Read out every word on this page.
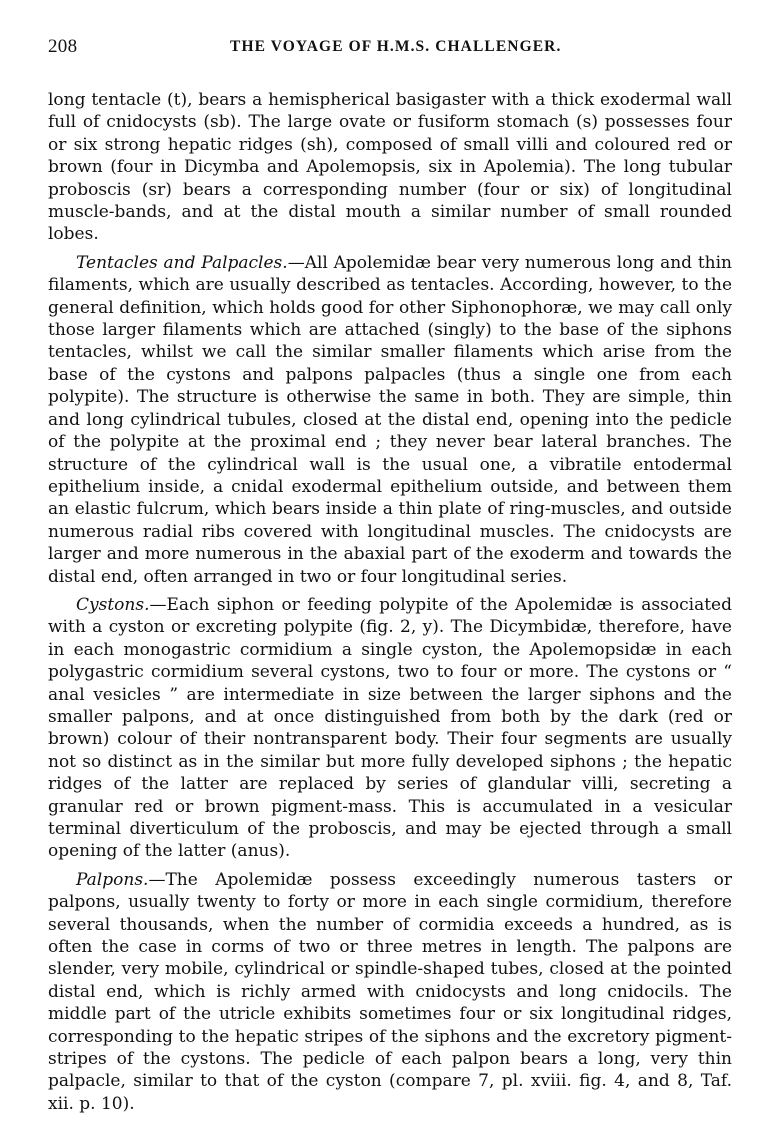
208	THE VOYAGE OF H.M.S. CHALLENGER.

long tentacle (t), bears a hemispherical basigaster with a thick exodermal wall full of cnidocysts (sb). The large ovate or fusiform stomach (s) possesses four or six strong hepatic ridges (sh), composed of small villi and coloured red or brown (four in Dicymba and Apolemopsis, six in Apolemia). The long tubular proboscis (sr) bears a corresponding number (four or six) of longitudinal muscle-bands, and at the distal mouth a similar number of small rounded lobes.

Tentacles and Palpacles.—All Apolemidæ bear very numerous long and thin filaments, which are usually described as tentacles. According, however, to the general definition, which holds good for other Siphonophoræ, we may call only those larger filaments which are attached (singly) to the base of the siphons tentacles, whilst we call the similar smaller filaments which arise from the base of the cystons and palpons palpacles (thus a single one from each polypite). The structure is otherwise the same in both. They are simple, thin and long cylindrical tubules, closed at the distal end, opening into the pedicle of the polypite at the proximal end ; they never bear lateral branches. The structure of the cylindrical wall is the usual one, a vibratile entodermal epithelium inside, a cnidal exodermal epithelium outside, and between them an elastic fulcrum, which bears inside a thin plate of ring-muscles, and outside numerous radial ribs covered with longitudinal muscles. The cnidocysts are larger and more numerous in the abaxial part of the exoderm and towards the distal end, often arranged in two or four longitudinal series.

Cystons.—Each siphon or feeding polypite of the Apolemidæ is associated with a cyston or excreting polypite (fig. 2, y). The Dicymbidæ, therefore, have in each monogastric cormidium a single cyston, the Apolemopsidæ in each polygastric cormidium several cystons, two to four or more. The cystons or “ anal vesicles ” are intermediate in size between the larger siphons and the smaller palpons, and at once distinguished from both by the dark (red or brown) colour of their nontransparent body. Their four segments are usually not so distinct as in the similar but more fully developed siphons ; the hepatic ridges of the latter are replaced by series of glandular villi, secreting a granular red or brown pigment-mass. This is accumulated in a vesicular terminal diverticulum of the proboscis, and may be ejected through a small opening of the latter (anus).

Palpons.—The Apolemidæ possess exceedingly numerous tasters or palpons, usually twenty to forty or more in each single cormidium, therefore several thousands, when the number of cormidia exceeds a hundred, as is often the case in corms of two or three metres in length. The palpons are slender, very mobile, cylindrical or spindle-shaped tubes, closed at the pointed distal end, which is richly armed with cnidocysts and long cnidocils. The middle part of the utricle exhibits sometimes four or six longitudinal ridges, corresponding to the hepatic stripes of the siphons and the excretory pigment-stripes of the cystons. The pedicle of each palpon bears a long, very thin palpacle, similar to that of the cyston (compare 7, pl. xviii. fig. 4, and 8, Taf. xii. p. 10).
